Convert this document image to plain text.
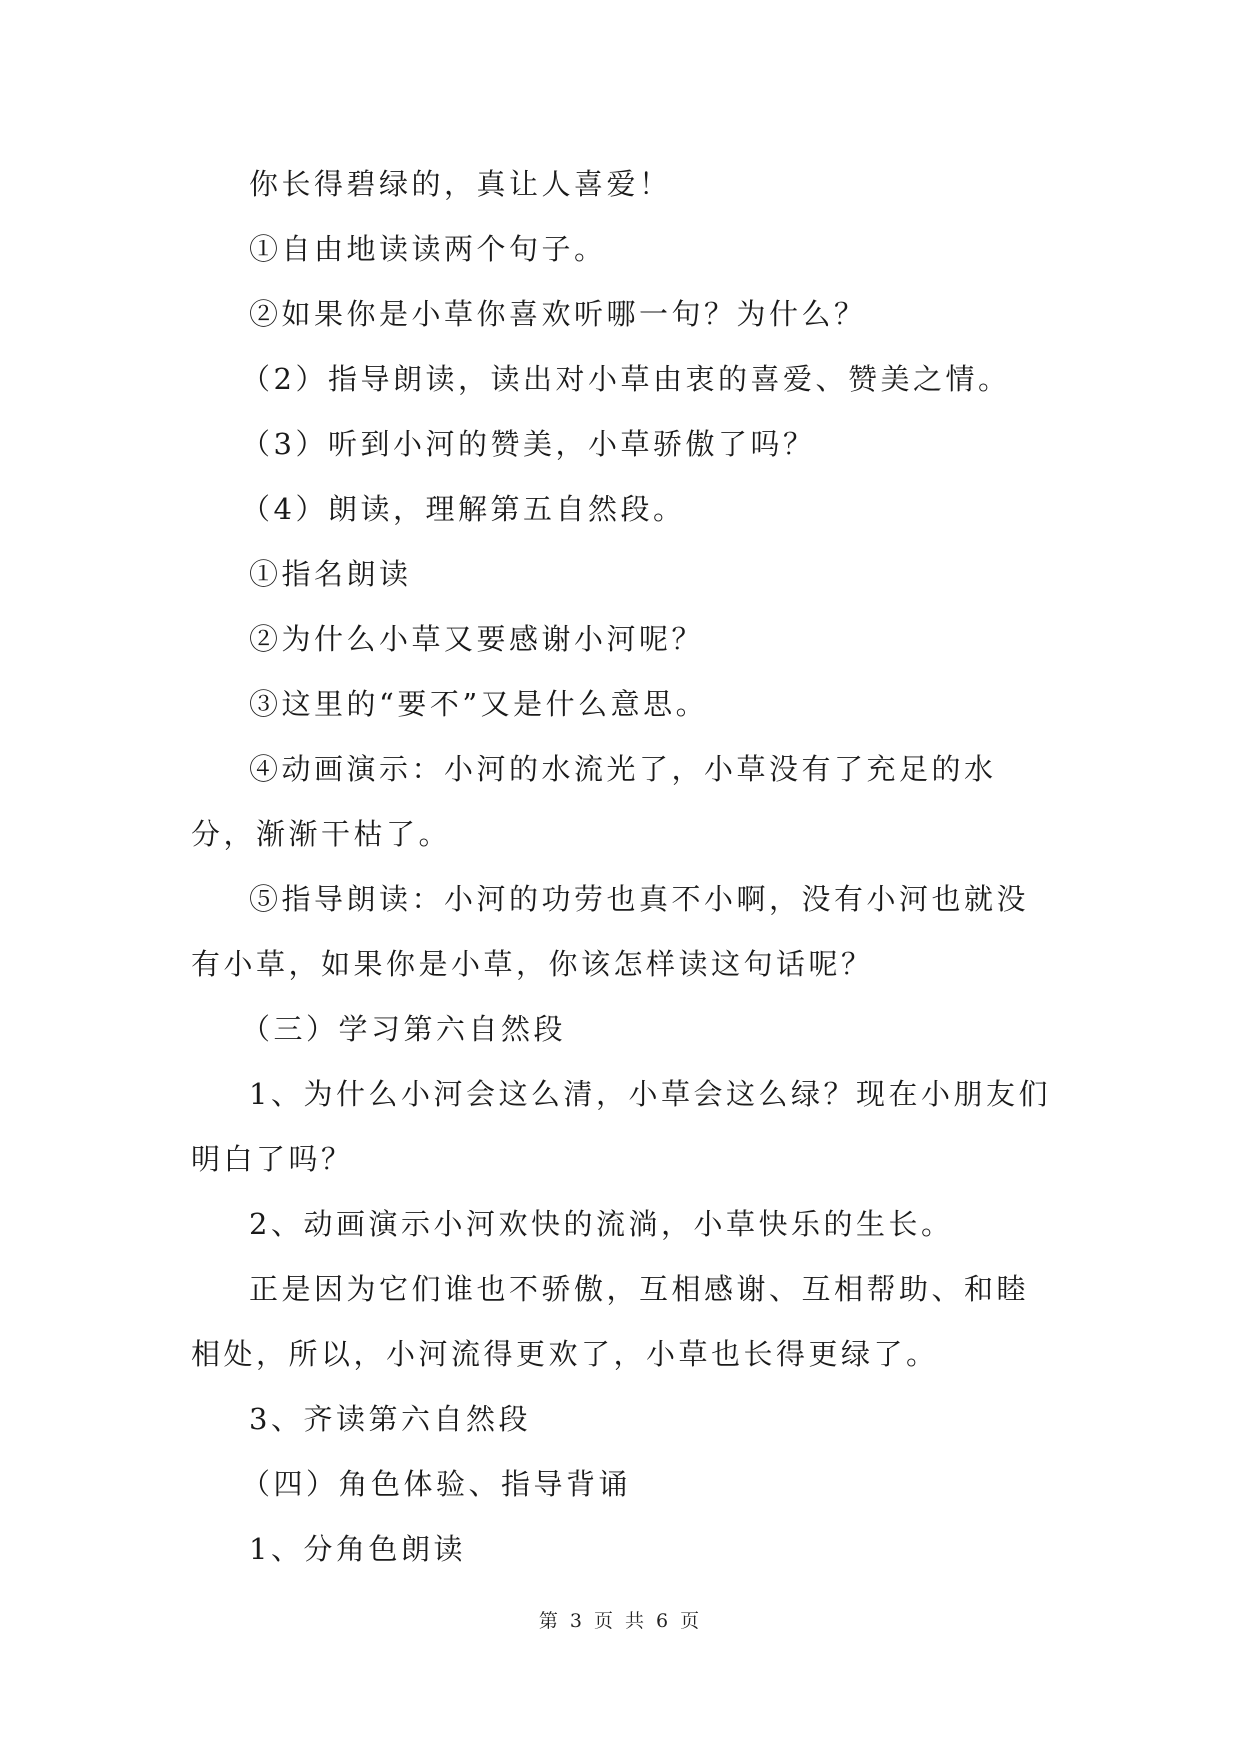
你长得碧绿的，真让人喜爱！

①自由地读读两个句子。

②如果你是小草你喜欢听哪一句？为什么？

（2）指导朗读，读出对小草由衷的喜爱、赞美之情。

（3）听到小河的赞美，小草骄傲了吗？

（4）朗读，理解第五自然段。

①指名朗读

②为什么小草又要感谢小河呢？

③这里的“要不”又是什么意思。

④动画演示：小河的水流光了，小草没有了充足的水分，渐渐干枯了。

⑤指导朗读：小河的功劳也真不小啊，没有小河也就没有小草，如果你是小草，你该怎样读这句话呢？

（三）学习第六自然段

1、为什么小河会这么清，小草会这么绿？现在小朋友们明白了吗？

2、动画演示小河欢快的流淌，小草快乐的生长。

正是因为它们谁也不骄傲，互相感谢、互相帮助、和睦相处，所以，小河流得更欢了，小草也长得更绿了。

3、齐读第六自然段

（四）角色体验、指导背诵

1、分角色朗读

第 3 页 共 6 页
